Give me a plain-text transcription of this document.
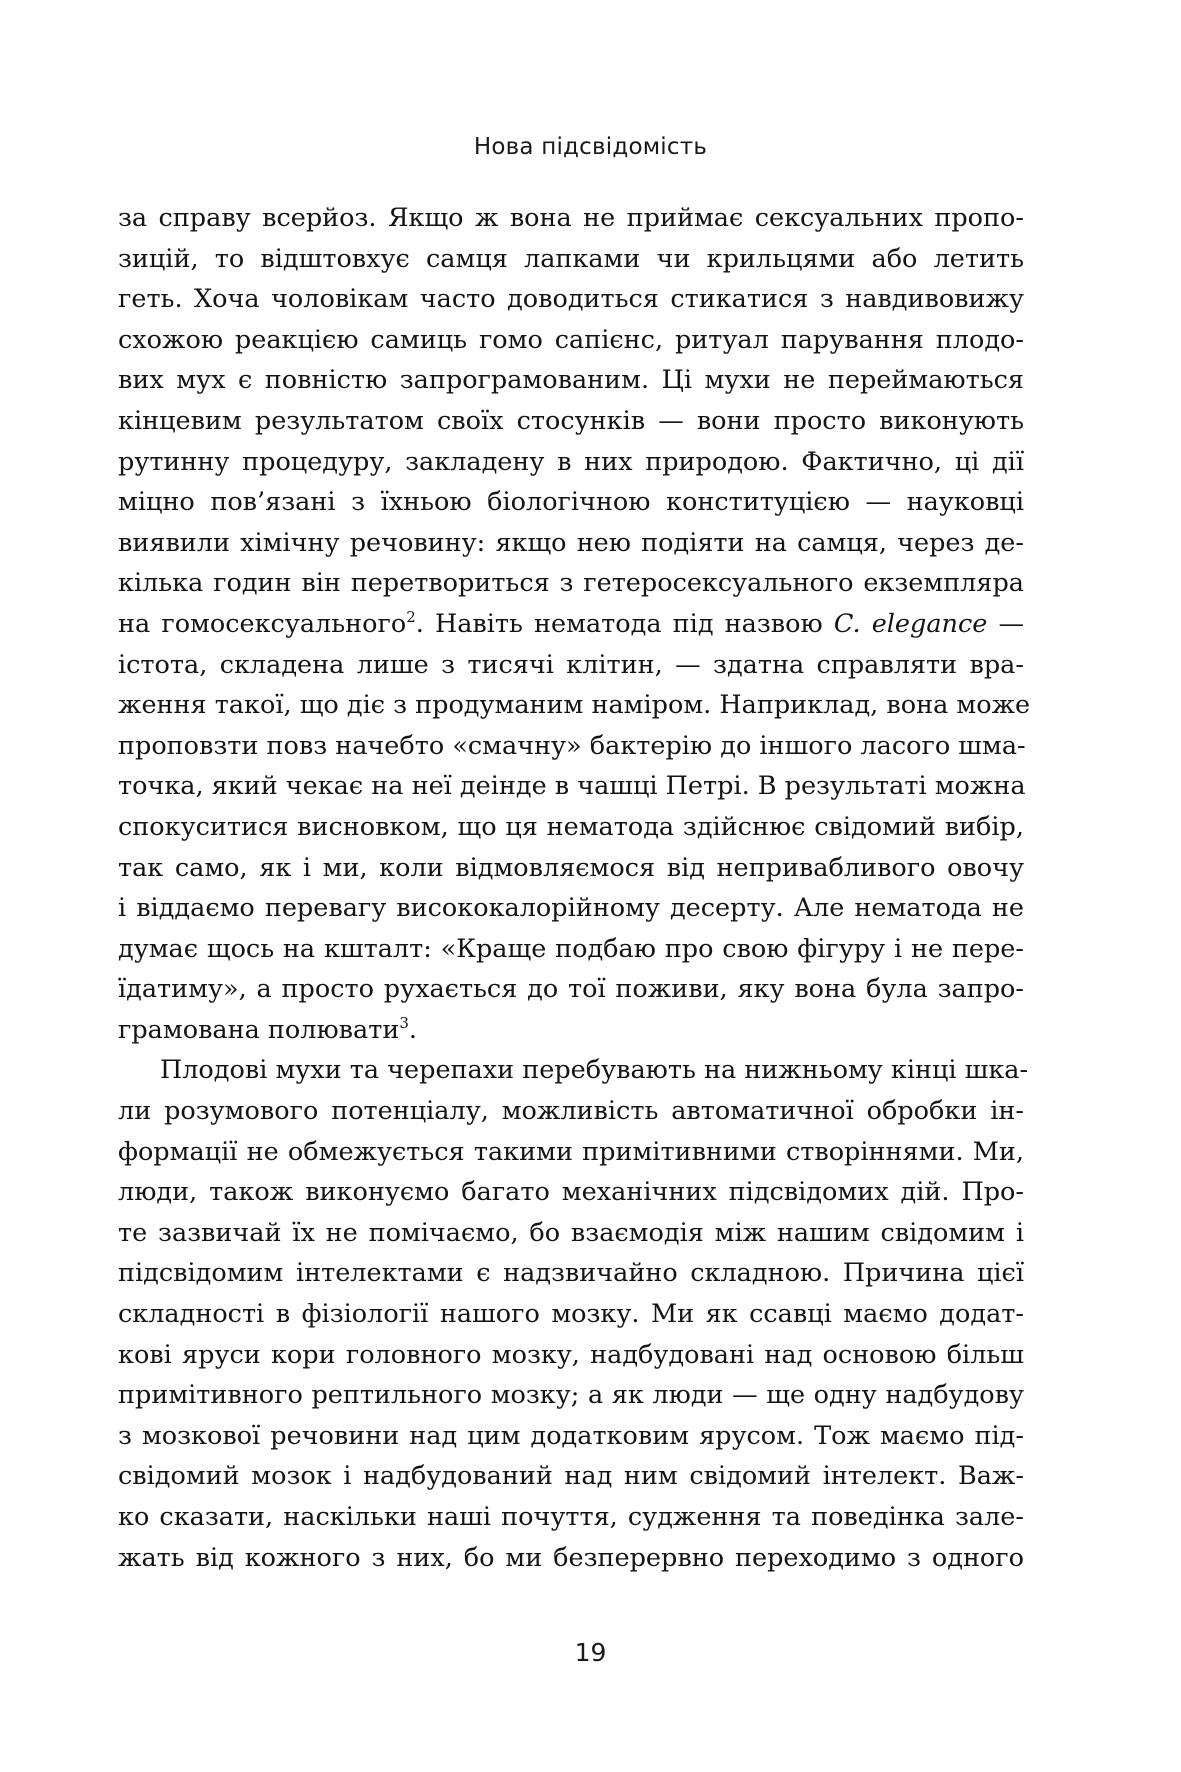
Нова підсвідомість
за справу всерйоз. Якщо ж вона не приймає сексуальних пропо-
зицій, то відштовхує самця лапками чи крильцями або летить
геть. Хоча чоловікам часто доводиться стикатися з навдивовижу
схожою реакцією самиць гомо сапієнс, ритуал парування плодо-
вих мух є повністю запрограмованим. Ці мухи не переймаються
кінцевим результатом своїх стосунків — вони просто виконують
рутинну процедуру, закладену в них природою. Фактично, ці дії
міцно пов’язані з їхньою біологічною конституцією — науковці
виявили хімічну речовину: якщо нею подіяти на самця, через де-
кілька годин він перетвориться з гетеросексуального екземпляра
на гомосексуального$^2$. Навіть нематода під назвою C. elegance —
істота, складена лише з тисячі клітин, — здатна справляти вра-
ження такої, що діє з продуманим наміром. Наприклад, вона може
проповзти повз начебто «смачну» бактерію до іншого ласого шма-
точка, який чекає на неї деінде в чашці Петрі. В результаті можна
спокуситися висновком, що ця нематода здійснює свідомий вибір,
так само, як і ми, коли відмовляємося від непривабливого овочу
і віддаємо перевагу висококалорійному десерту. Але нематода не
думає щось на кшталт: «Краще подбаю про свою фігуру і не пере-
їдатиму», а просто рухається до тої поживи, яку вона була запро-
грамована полювати$^3$.
Плодові мухи та черепахи перебувають на нижньому кінці шка-
ли розумового потенціалу, можливість автоматичної обробки ін-
формації не обмежується такими примітивними створіннями. Ми,
люди, також виконуємо багато механічних підсвідомих дій. Про-
те зазвичай їх не помічаємо, бо взаємодія між нашим свідомим і
підсвідомим інтелектами є надзвичайно складною. Причина цієї
складності в фізіології нашого мозку. Ми як ссавці маємо додат-
кові яруси кори головного мозку, надбудовані над основою більш
примітивного рептильного мозку; а як люди — ще одну надбудову
з мозкової речовини над цим додатковим ярусом. Тож маємо під-
свідомий мозок і надбудований над ним свідомий інтелект. Важ-
ко сказати, наскільки наші почуття, судження та поведінка зале-
жать від кожного з них, бо ми безперервно переходимо з одного
19
